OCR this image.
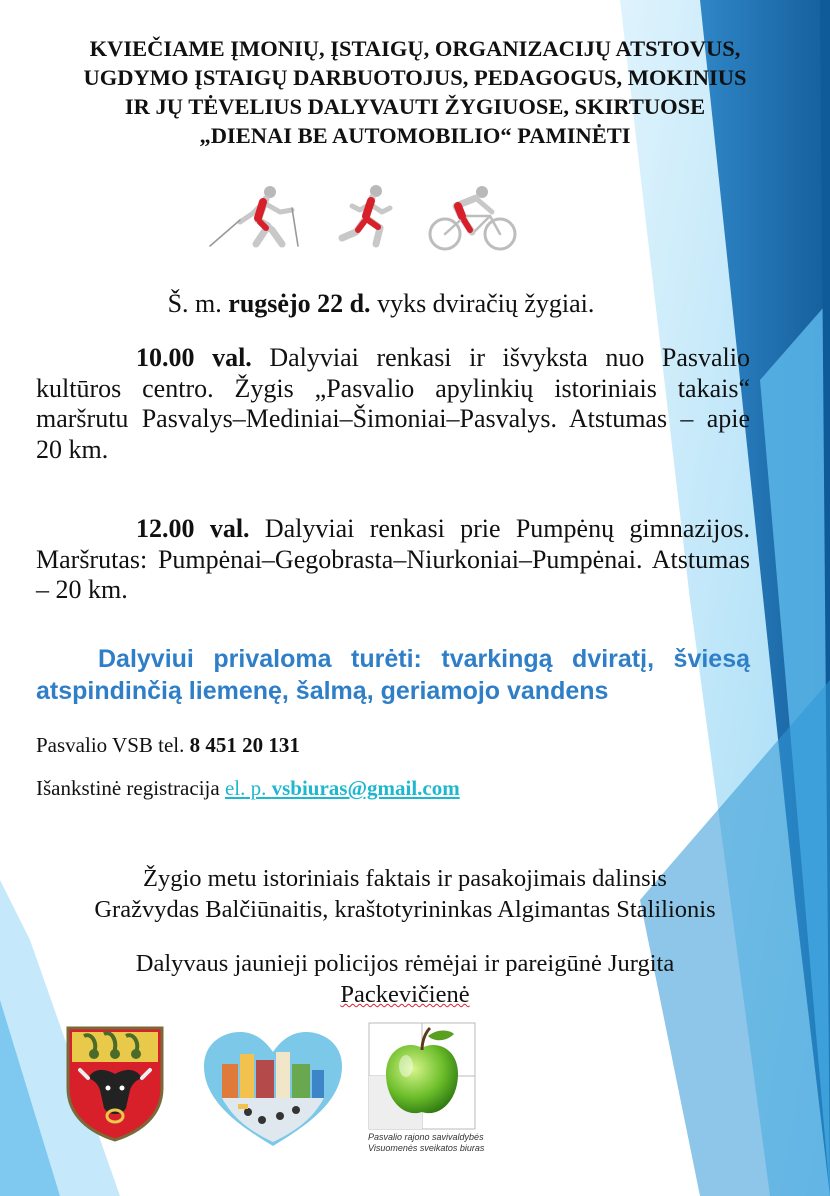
KVIEČIAME ĮMONIŲ, ĮSTAIGŲ, ORGANIZACIJŲ ATSTOVUS,
UGDYMO ĮSTAIGŲ DARBUOTOJUS, PEDAGOGUS, MOKINIUS
IR JŲ TĖVELIUS DALYVAUTI ŽYGIUOSE, SKIRTUOSE
„DIENAI BE AUTOMOBILIO“ PAMINĖTI
Š. m. rugsėjo 22 d. vyks dviračių žygiai.
10.00 val. Dalyviai renkasi ir išvyksta nuo Pasvalio kultūros centro. Žygis „Pasvalio apylinkių istoriniais takais“ maršrutu Pasvalys–Mediniai–Šimoniai–Pasvalys. Atstumas – apie 20 km.
12.00 val. Dalyviai renkasi prie Pumpėnų gimnazijos. Maršrutas: Pumpėnai–Gegobrasta–Niurkoniai–Pumpėnai. Atstumas – 20 km.
Dalyviui privaloma turėti: tvarkingą dviratį, šviesą atspindinčią liemenę, šalmą, geriamojo vandens
Pasvalio VSB tel. 8 451 20 131
Išankstinė registracija el. p. vsbiuras@gmail.com
Žygio metu istoriniais faktais ir pasakojimais dalinsis
Gražvydas Balčiūnaitis, kraštotyrininkas Algimantas Stalilionis
Dalyvaus jaunieji policijos rėmėjai ir pareigūnė Jurgita
Packevičienė
Pasvalio rajono savivaldybės
Visuomenės sveikatos biuras
